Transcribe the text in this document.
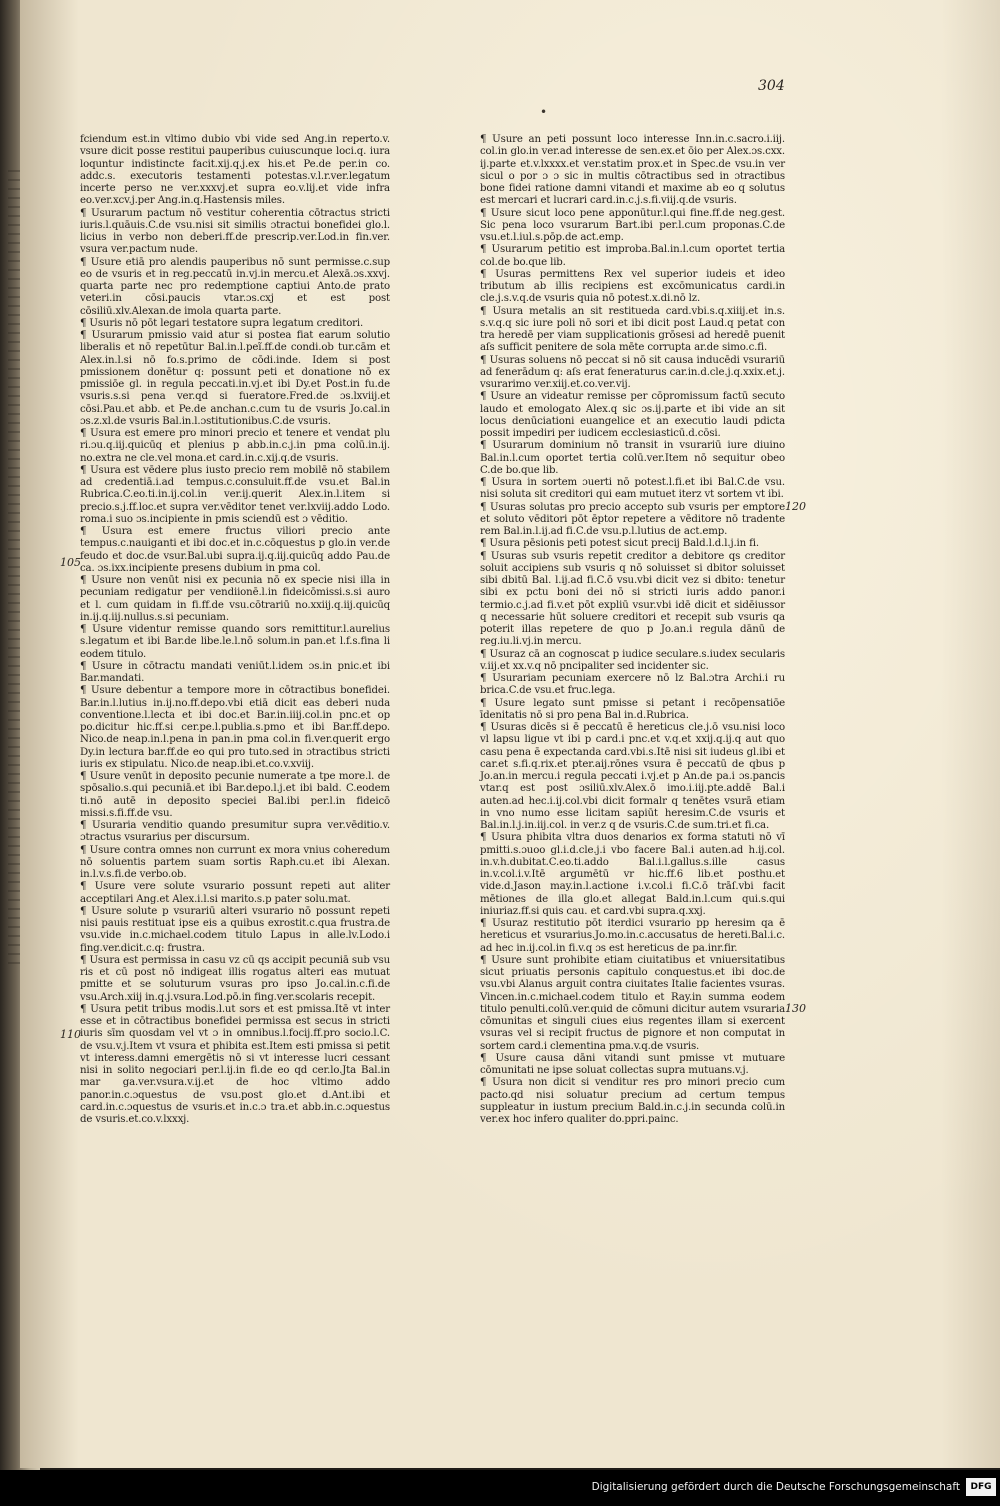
304
•
105
110
120
130

fciendum est.in vltimo dubio vbi vide sed Ang.in reperto.v. vsure dicit posse restitui pauperibus cuiuscunque loci.q. iura loquntur indistincte facit.xij.q.j.ex his.et Pe.de per.in co. addc.s. executoris testamenti potestas.v.l.r.ver.legatum incerte perso ne ver.xxxvj.et supra eo.v.lij.et vide infra eo.ver.xcv.j.per Ang.in.q.Hastensis miles.

¶ Usurarum pactum nō vestitur coherentia cōtractus stricti iuris.l.quāuis.C.de vsu.nisi sit similis ɔtractui bonefidei glo.l. licius in verbo non deberi.ff.de prescrip.ver.Lod.in fin.ver. vsura ver.pactum nude.

¶ Usure etiā pro alendis pauperibus nō sunt permisse.c.sup eo de vsuris et in reg.peccatū in.vj.in mercu.et Alexā.ɔs.xxvj. quarta parte nec pro redemptione captiui Anto.de prato veteri.in cōsi.paucis vtar.ɔs.cxj et est post cōsiliū.xlv.Alexan.de imola quarta parte.

¶ Usuris nō pōt legari testatore supra legatum creditori.

¶ Usurarum pmissio vaid atur si postea fiat earum solutio liberalis et nō repetūtur Bal.in.l.peĩ.ff.de condi.ob tur.cām et Alex.in.l.si nō fo.s.primo de cōdi.inde. Idem si post pmissionem donētur q: possunt peti et donatione nō ex pmissiōe gl. in regula peccati.in.vj.et ibi Dy.et Post.in fu.de vsuris.s.si pena ver.qd si fueratore.Fred.de ɔs.lxviij.et cōsi.Pau.et abb. et Pe.de anchan.c.cum tu de vsuris Jo.cal.in ɔs.z.xl.de vsuris Bal.in.l.ɔstitutionibus.C.de vsuris.

¶ Usura est emere pro minori precio et tenere et vendat plu ri.ɔu.q.iij.quicūq et plenius p abb.in.c.j.in pma colū.in.ij. no.extra ne cle.vel mona.et card.in.c.xij.q.de vsuris.

¶ Usura est vēdere plus iusto precio rem mobilē nō stabilem ad credentiā.i.ad tempus.c.consuluit.ff.de vsu.et Bal.in Rubrica.C.eo.ti.in.ij.col.in ver.ij.querit Alex.in.l.item si precio.s.j.ff.loc.et supra ver.vēditor tenet ver.lxviij.addo Lodo. roma.i suo ɔs.incipiente in pmis sciendū est ɔ vēditio.

¶ Usura est emere fructus viliori precio ante tempus.c.nauiganti et ibi doc.et in.c.cōquestus p glo.in ver.de feudo et doc.de vsur.Bal.ubi supra.ij.q.iij.quicūq addo Pau.de ca. ɔs.ixx.incipiente presens dubium in pma col.

¶ Usure non venūt nisi ex pecunia nō ex specie nisi illa in pecuniam redigatur per vendiionē.l.in fideicōmissi.s.si auro et l. cum quidam in fi.ff.de vsu.cōtrariū no.xxiij.q.iij.quicūq in.ij.q.iij.nullus.s.si pecuniam.

¶ Usure videntur remisse quando sors remittitur.l.aurelius s.legatum et ibi Bar.de libe.le.l.nō solum.in pan.et l.f.s.fina li eodem titulo.

¶ Usure in cōtractu mandati veniūt.l.idem ɔs.in pnic.et ibi Bar.mandati.

¶ Usure debentur a tempore more in cōtractibus bonefidei. Bar.in.l.lutius in.ij.no.ff.depo.vbi etiā dicit eas deberi nuda conventione.l.lecta et ibi doc.et Bar.in.iiij.col.in pnc.et op po.dicitur hic.ff.si cer.pe.l.publia.s.pmo et ibi Bar.ff.depo. Nico.de neap.in.l.pena in pan.in pma col.in fi.ver.querit ergo Dy.in lectura bar.ff.de eo qui pro tuto.sed in ɔtractibus stricti iuris ex stipulatu. Nico.de neap.ibi.et.co.v.xviij.

¶ Usure venūt in deposito pecunie numerate a tpe more.l. de spōsalio.s.qui pecuniā.et ibi Bar.depo.l.j.et ibi bald. C.eodem ti.nō autē in deposito speciei Bal.ibi per.l.in fideicō missi.s.fi.ff.de vsu.

¶ Usuraria venditio quando presumitur supra ver.vēditio.v. ɔtractus vsurarius per discursum.

¶ Usure contra omnes non currunt ex mora vnius coheredum nō soluentis partem suam sortis Raph.cu.et ibi Alexan. in.l.v.s.fi.de verbo.ob.

¶ Usure vere solute vsurario possunt repeti aut aliter acceptilari Ang.et Alex.i.l.si marito.s.p pater solu.mat.

¶ Usure solute p vsurariū alteri vsurario nō possunt repeti nisi pauis restituat ipse eis a quibus exrostit.c.qua frustra.de vsu.vide in.c.michael.codem titulo Lapus in alle.lv.Lodo.i fing.ver.dicit.c.q: frustra.

¶ Usura est permissa in casu vz cū qs accipit pecuniā sub vsu ris et cū post nō indigeat illis rogatus alteri eas mutuat pmitte et se soluturum vsuras pro ipso Jo.cal.in.c.fi.de vsu.Arch.xiij in.q.j.vsura.Lod.pō.in fing.ver.scolaris recepit.

¶ Usura petit tribus modis.l.ut sors et est pmissa.Itē vt inter esse et in cōtractibus bonefidei permissa est secus in stricti iuris sīm quosdam vel vt ɔ in omnibus.l.focij.ff.pro socio.l.C. de vsu.v.j.Item vt vsura et phibita est.Item esti pmissa si petit vt interess.damni emergētis nō si vt interesse lucri cessant nisi in solito negociari per.l.ij.in fi.de eo qd cer.lo.Jta Bal.in mar ga.ver.vsura.v.ij.et de hoc vltimo addo panor.in.c.ɔquestus de vsu.post glo.et d.Ant.ibi et card.in.c.ɔquestus de vsuris.et in.c.ɔ tra.et abb.in.c.ɔquestus de vsuris.et.co.v.lxxxj.

¶ Usure an peti possunt loco interesse Inn.in.c.sacro.i.iij. col.in glo.in ver.ad interesse de sen.ex.et ōio per Alex.ɔs.cxx. ij.parte et.v.lxxxx.et ver.statim prox.et in Spec.de vsu.in ver sicul o por ɔ ɔ sic in multis cōtractibus sed in ɔtractibus bone fidei ratione damni vitandi et maxime ab eo q solutus est mercari et lucrari card.in.c.j.s.fi.viij.q.de vsuris.

¶ Usure sicut loco pene apponūtur.l.qui fine.ff.de neg.gest. Sic pena loco vsurarum Bart.ibi per.l.cum proponas.C.de vsu.et.l.iul.s.pōp.de act.emp.

¶ Usurarum petitio est improba.Bal.in.l.cum oportet tertia col.de bo.que lib.

¶ Usuras permittens Rex vel superior iudeis et ideo tributum ab illis recipiens est excōmunicatus cardi.in cle.j.s.v.q.de vsuris quia nō potest.x.di.nō lz.

¶ Usura metalis an sit restitueda card.vbi.s.q.xiiij.et in.s. s.v.q.q sic iure poli nō sori et ibi dicit post Laud.q petat con tra heredē per viam supplicationis grōsesi ad heredē puenit aſs sufficit penitere de sola mēte corrupta ar.de simo.c.fi.

¶ Usuras soluens nō peccat si nō sit causa inducēdi vsurariū ad fenerādum q: aſs erat feneraturus car.in.d.cle.j.q.xxix.et.j. vsurarimo ver.xiij.et.co.ver.vij.

¶ Usure an videatur remisse per cōpromissum factū secuto laudo et emologato Alex.q sic ɔs.ij.parte et ibi vide an sit locus denūciationi euangelice et an executio laudi pdicta possit impediri per iudicem ecclesiasticū.d.cōsi.

¶ Usurarum dominium nō transit in vsurariū iure diuino Bal.in.l.cum oportet tertia colū.ver.Item nō sequitur obeo C.de bo.que lib.

¶ Usura in sortem ɔuerti nō potest.l.fi.et ibi Bal.C.de vsu. nisi soluta sit creditori qui eam mutuet iterz vt sortem vt ibi.

¶ Usuras solutas pro precio accepto sub vsuris per emptore et soluto vēditori pōt ēptor repetere a vēditore nō tradente rem Bal.in.l.ij.ad fi.C.de vsu.p.l.lutius de act.emp.

¶ Usura pēsionis peti potest sicut precij Bald.l.d.l.j.in fi.

¶ Usuras sub vsuris repetit creditor a debitore qs creditor soluit accipiens sub vsuris q nō soluisset si dbitor soluisset sibi dbitū Bal. l.ij.ad fi.C.ō vsu.vbi dicit vez si dbito: tenetur sibi ex pctu boni dei nō si stricti iuris addo panor.i termio.c.j.ad fi.v.et pōt expliū vsur.vbi idē dicit et sidēiussor q necessarie hūt soluere creditori et recepit sub vsuris qa poterit illas repetere de quo p Jo.an.i regula dānū de reg.iu.li.vj.in mercu.

¶ Usuraz cā an cognoscat p iudice seculare.s.iudex secularis v.iij.et xx.v.q nō pncipaliter sed incidenter sic.

¶ Usurariam pecuniam exercere nō lz Bal.ɔtra Archi.i ru brica.C.de vsu.et fruc.lega.

¶ Usure legato sunt pmisse si petant i recōpensatiōe īdenitatis nō si pro pena Bal in.d.Rubrica.

¶ Usuras dicēs si ē peccatū ē hereticus cle.j.ō vsu.nisi loco vl lapsu ligue vt ibi p card.i pnc.et v.q.et xxij.q.ij.q aut quo casu pena ē expectanda card.vbi.s.Itē nisi sit iudeus gl.ibi et car.et s.fi.q.rix.et pter.aij.rōnes vsura ē peccatū de qbus p Jo.an.in mercu.i regula peccati i.vj.et p An.de pa.i ɔs.pancis vtar.q est post ɔsiliū.xlv.Alex.ō imo.i.iij.pte.addē Bal.i auten.ad hec.i.ij.col.vbi dicit formalr q tenētes vsurā etiam in vno numo esse licitam sapiūt heresim.C.de vsuris et Bal.in.l.j.in.iij.col. in ver.z q de vsuris.C.de sum.tri.et fi.ca.

¶ Usura phibita vltra duos denarios ex forma statuti nō vī pmitti.s.ɔuoo gl.i.d.cle.j.i vbo facere Bal.i auten.ad h.ij.col. in.v.h.dubitat.C.eo.ti.addo Bal.i.l.gallus.s.ille casus in.v.col.i.v.Itē argumētū vr hic.ff.6 lib.et posthu.et vide.d.Jason may.in.l.actione i.v.col.i fi.C.ō trāſ.vbi facit mētiones de illa glo.et allegat Bald.in.l.cum qui.s.qui iniuriaz.ff.si quis cau. et card.vbi supra.q.xxj.

¶ Usuraz restitutio pōt iterdici vsurario pp heresim qa ē hereticus et vsurarius.Jo.mo.in.c.accusatus de hereti.Bal.i.c. ad hec in.ij.col.in fi.v.q ɔs est hereticus de pa.inr.fir.

¶ Usure sunt prohibite etiam ciuitatibus et vniuersitatibus sicut priuatis personis capitulo conquestus.et ibi doc.de vsu.vbi Alanus arguit contra ciuitates Italie facientes vsuras. Vincen.in.c.michael.codem titulo et Ray.in summa eodem titulo penulti.colū.ver.quid de cōmuni dicitur autem vsuraria cōmunitas et singuli ciues eius regentes illam si exercent vsuras vel si recipit fructus de pignore et non computat in sortem card.i clementina pma.v.q.de vsuris.

¶ Usure causa dāni vitandi sunt pmisse vt mutuare cōmunitati ne ipse soluat collectas supra mutuans.v.j.

¶ Usura non dicit si venditur res pro minori precio cum pacto.qd nisi soluatur precium ad certum tempus suppleatur in iustum precium Bald.in.c.j.in secunda colū.in ver.ex hoc infero qualiter do.ppri.painc.

Digitalisierung gefördert durch die Deutsche Forschungsgemeinschaft	DFG
